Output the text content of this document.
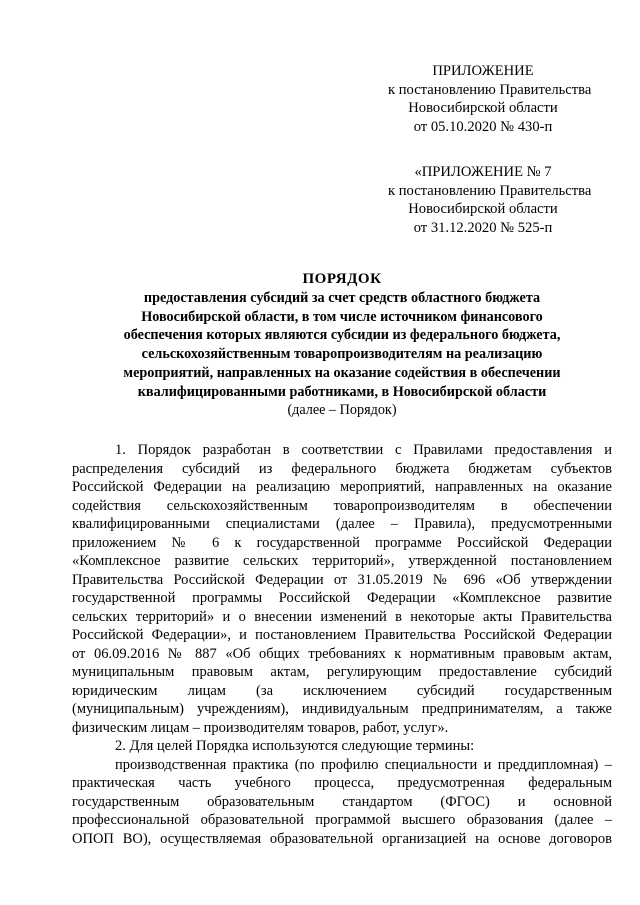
ПРИЛОЖЕНИЕ
к постановлению Правительства
Новосибирской области
от 05.10.2020 № 430-п
«ПРИЛОЖЕНИЕ № 7
к постановлению Правительства
Новосибирской области
от 31.12.2020 № 525-п
ПОРЯДОК
предоставления субсидий за счет средств областного бюджета
Новосибирской области, в том числе источником финансового
обеспечения которых являются субсидии из федерального бюджета,
сельскохозяйственным товаропроизводителям на реализацию
мероприятий, направленных на оказание содействия в обеспечении
квалифицированными работниками, в Новосибирской области
(далее – Порядок)
1. Порядок разработан в соответствии с Правилами предоставления и
распределения субсидий из федерального бюджета бюджетам субъектов
Российской Федерации на реализацию мероприятий, направленных на оказание
содействия сельскохозяйственным товаропроизводителям в обеспечении
квалифицированными специалистами (далее – Правила), предусмотренными
приложением № 6 к государственной программе Российской Федерации
«Комплексное развитие сельских территорий», утвержденной постановлением
Правительства Российской Федерации от 31.05.2019 № 696 «Об утверждении
государственной программы Российской Федерации «Комплексное развитие
сельских территорий» и о внесении изменений в некоторые акты Правительства
Российской Федерации», и постановлением Правительства Российской Федерации
от 06.09.2016 № 887 «Об общих требованиях к нормативным правовым актам,
муниципальным правовым актам, регулирующим предоставление субсидий
юридическим лицам (за исключением субсидий государственным
(муниципальным) учреждениям), индивидуальным предпринимателям, а также
физическим лицам – производителям товаров, работ, услуг».
2. Для целей Порядка используются следующие термины:
производственная практика (по профилю специальности и преддипломная) –
практическая часть учебного процесса, предусмотренная федеральным
государственным образовательным стандартом (ФГОС) и основной
профессиональной образовательной программой высшего образования (далее –
ОПОП ВО), осуществляемая образовательной организацией на основе договоров
